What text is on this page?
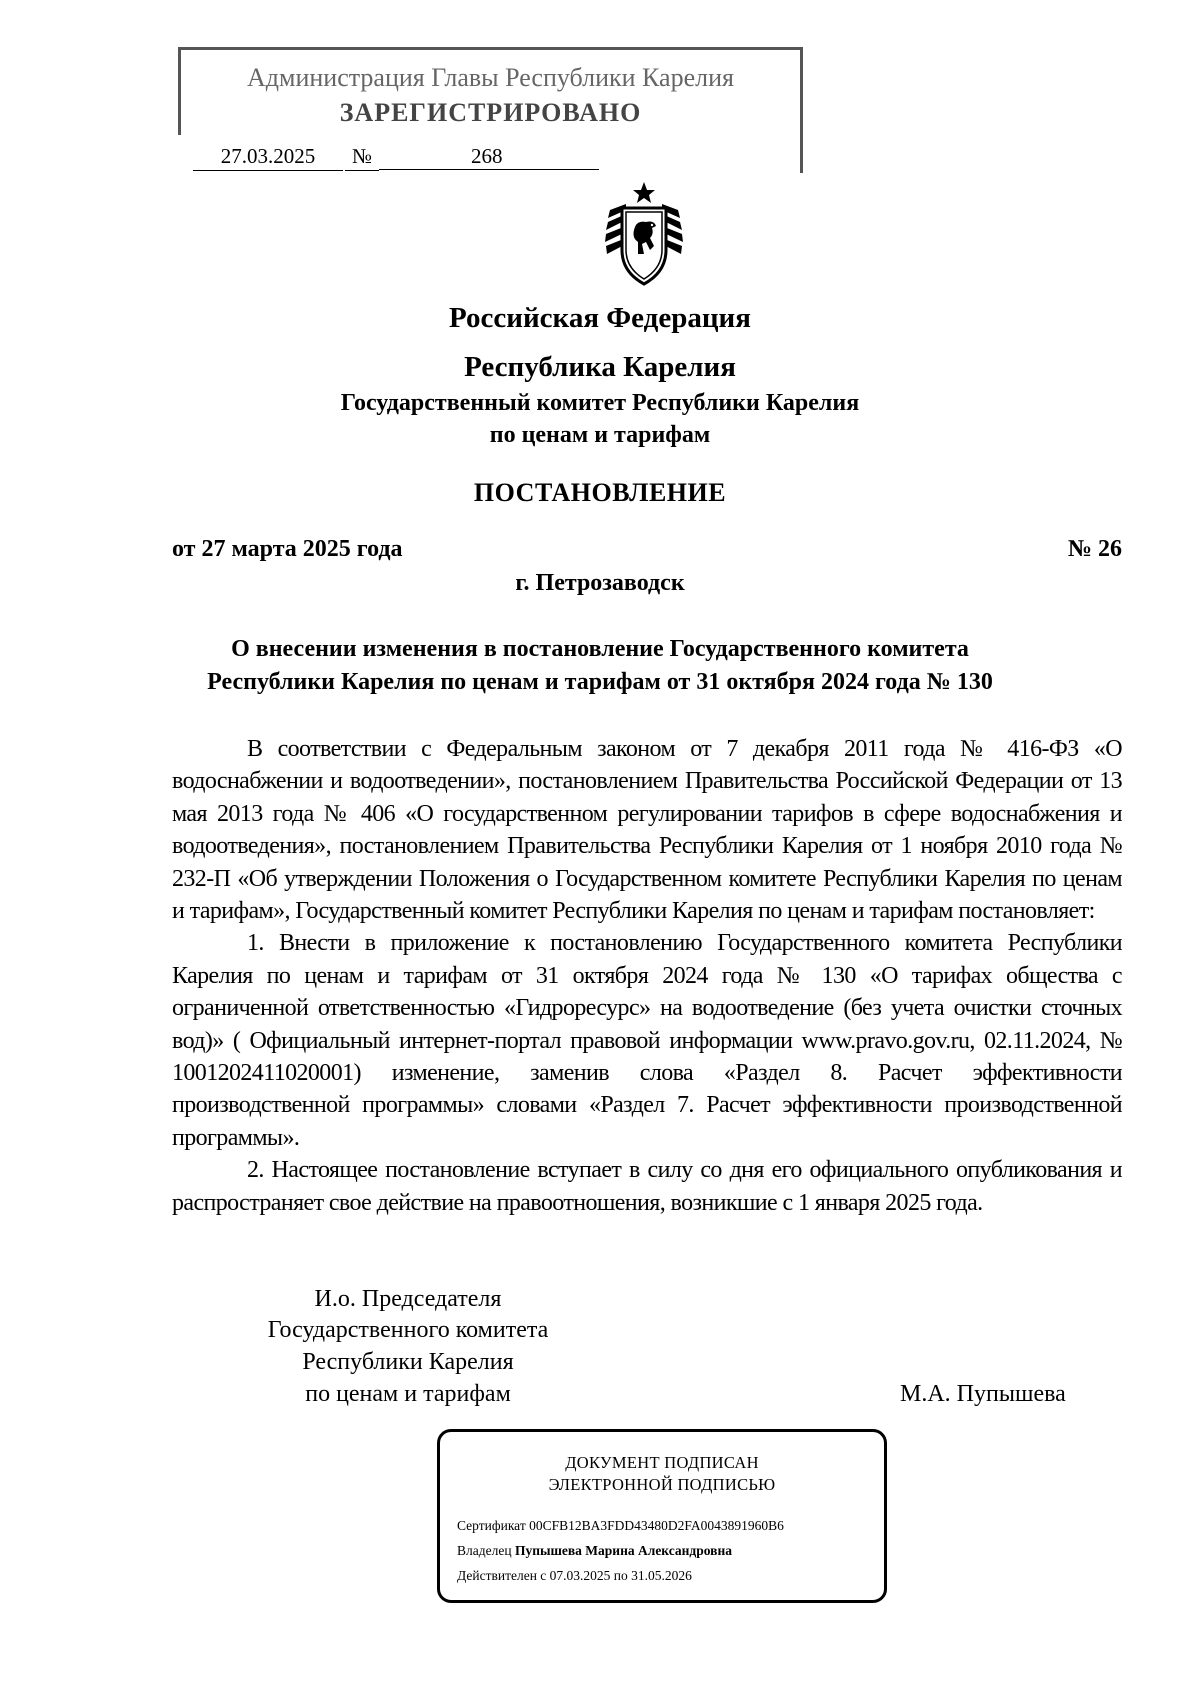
Администрация Главы Республики Карелия
ЗАРЕГИСТРИРОВАНО
27.03.2025	№	268
Российская Федерация
Республика Карелия
Государственный комитет Республики Карелия
по ценам и тарифам
ПОСТАНОВЛЕНИЕ
от 27 марта 2025 года	№ 26
г. Петрозаводск
О внесении изменения в постановление Государственного комитета
Республики Карелия по ценам и тарифам от 31 октября 2024 года № 130

В соответствии с Федеральным законом от 7 декабря 2011 года № 416-ФЗ «О водоснабжении и водоотведении», постановлением Правительства Российской Федерации от 13 мая 2013 года № 406 «О государственном регулировании тарифов в сфере водоснабжения и водоотведения», постановлением Правительства Республики Карелия от 1 ноября 2010 года № 232-П «Об утверждении Положения о Государственном комитете Республики Карелия по ценам и тарифам», Государственный комитет Республики Карелия по ценам и тарифам постановляет:

1. Внести в приложение к постановлению Государственного комитета Республики Карелия по ценам и тарифам от 31 октября 2024 года № 130 «О тарифах общества с ограниченной ответственностью «Гидроресурс» на водоотведение (без учета очистки сточных вод)» ( Официальный интернет-портал правовой информации www.pravo.gov.ru, 02.11.2024, № 1001202411020001) изменение, заменив слова «Раздел 8. Расчет эффективности производственной программы» словами «Раздел 7. Расчет эффективности производственной программы».

2. Настоящее постановление вступает в силу со дня его официального опубликования и распространяет свое действие на правоотношения, возникшие с 1 января 2025 года.

И.о. Председателя
Государственного комитета
Республики Карелия
по ценам и тарифам	М.А. Пупышева
ДОКУМЕНТ ПОДПИСАН
ЭЛЕКТРОННОЙ ПОДПИСЬЮ
Сертификат 00CFB12BA3FDD43480D2FA0043891960B6
Владелец Пупышева Марина Александровна
Действителен с 07.03.2025 по 31.05.2026
